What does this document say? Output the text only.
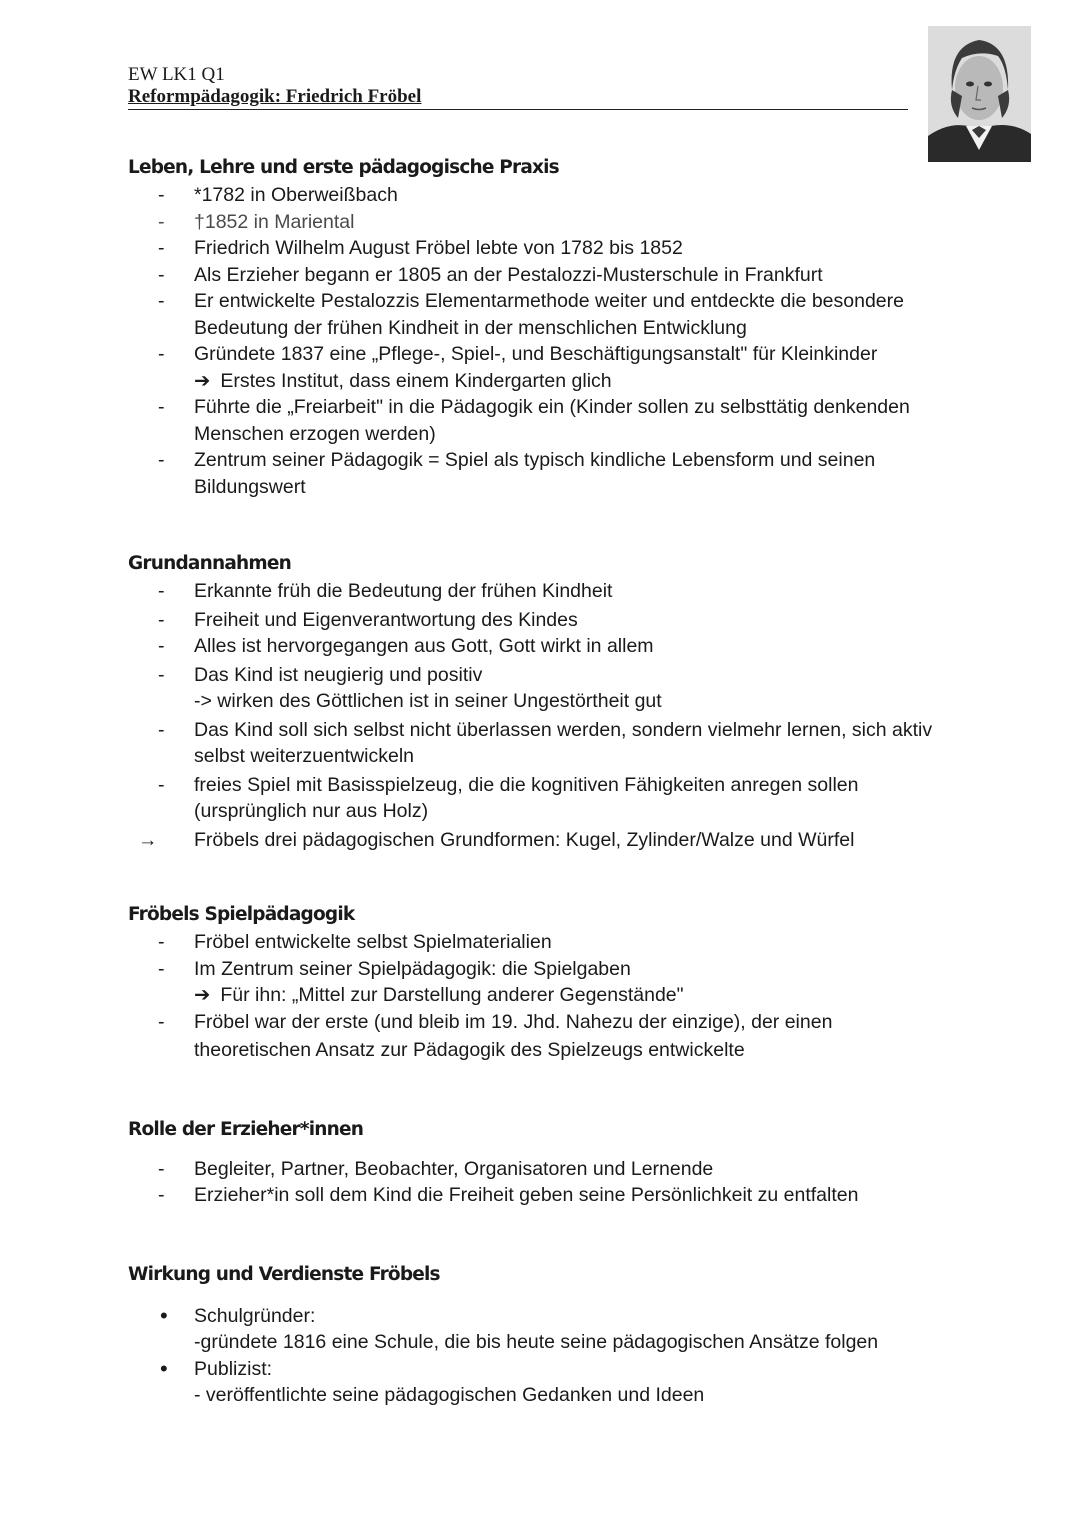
EW LK1 Q1
Reformpädagogik: Friedrich Fröbel
Leben, Lehre und erste pädagogische Praxis
-	*1782 in Oberweißbach
-	†1852 in Mariental
-	Friedrich Wilhelm August Fröbel lebte von 1782 bis 1852
-	Als Erzieher begann er 1805 an der Pestalozzi-Musterschule in Frankfurt
-	Er entwickelte Pestalozzis Elementarmethode weiter und entdeckte die besondere
Bedeutung der frühen Kindheit in der menschlichen Entwicklung
-	Gründete 1837 eine „Pflege-, Spiel-, und Beschäftigungsanstalt" für Kleinkinder
➔ Erstes Institut, dass einem Kindergarten glich
-	Führte die „Freiarbeit" in die Pädagogik ein (Kinder sollen zu selbsttätig denkenden
Menschen erzogen werden)
-	Zentrum seiner Pädagogik = Spiel als typisch kindliche Lebensform und seinen
Bildungswert
Grundannahmen
-	Erkannte früh die Bedeutung der frühen Kindheit
-	Freiheit und Eigenverantwortung des Kindes
-	Alles ist hervorgegangen aus Gott, Gott wirkt in allem
-	Das Kind ist neugierig und positiv
-> wirken des Göttlichen ist in seiner Ungestörtheit gut
-	Das Kind soll sich selbst nicht überlassen werden, sondern vielmehr lernen, sich aktiv
selbst weiterzuentwickeln
-	freies Spiel mit Basisspielzeug, die die kognitiven Fähigkeiten anregen sollen
(ursprünglich nur aus Holz)
→ Fröbels drei pädagogischen Grundformen: Kugel, Zylinder/Walze und Würfel
Fröbels Spielpädagogik
-	Fröbel entwickelte selbst Spielmaterialien
-	Im Zentrum seiner Spielpädagogik: die Spielgaben
➔ Für ihn: „Mittel zur Darstellung anderer Gegenstände"
-	Fröbel war der erste (und bleib im 19. Jhd. Nahezu der einzige), der einen
theoretischen Ansatz zur Pädagogik des Spielzeugs entwickelte
Rolle der Erzieher*innen
-	Begleiter, Partner, Beobachter, Organisatoren und Lernende
-	Erzieher*in soll dem Kind die Freiheit geben seine Persönlichkeit zu entfalten
Wirkung und Verdienste Fröbels
•	Schulgründer:
-gründete 1816 eine Schule, die bis heute seine pädagogischen Ansätze folgen
•	Publizist:
- veröffentlichte seine pädagogischen Gedanken und Ideen
